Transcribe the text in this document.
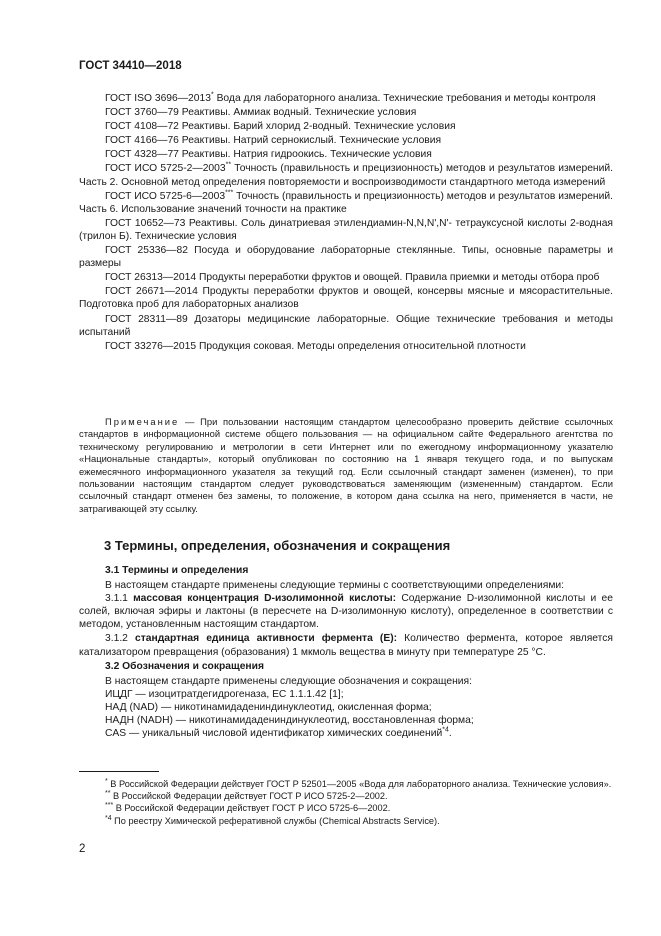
ГОСТ 34410—2018

ГОСТ ISO 3696—2013* Вода для лабораторного анализа. Технические требования и методы контроля

ГОСТ 3760—79 Реактивы. Аммиак водный. Технические условия

ГОСТ 4108—72 Реактивы. Барий хлорид 2-водный. Технические условия

ГОСТ 4166—76 Реактивы. Натрий сернокислый. Технические условия

ГОСТ 4328—77 Реактивы. Натрия гидроокись. Технические условия

ГОСТ ИСО 5725-2—2003** Точность (правильность и прецизионность) методов и результатов измерений. Часть 2. Основной метод определения повторяемости и воспроизводимости стандартного метода измерений

ГОСТ ИСО 5725-6—2003*** Точность (правильность и прецизионность) методов и результатов измерений. Часть 6. Использование значений точности на практике

ГОСТ 10652—73 Реактивы. Соль динатриевая этилендиамин-N,N,N',N'- тетрауксусной кислоты 2-водная (трилон Б). Технические условия

ГОСТ 25336—82 Посуда и оборудование лабораторные стеклянные. Типы, основные параметры и размеры

ГОСТ 26313—2014 Продукты переработки фруктов и овощей. Правила приемки и методы отбора проб

ГОСТ 26671—2014 Продукты переработки фруктов и овощей, консервы мясные и мясорастительные. Подготовка проб для лабораторных анализов

ГОСТ 28311—89 Дозаторы медицинские лабораторные. Общие технические требования и методы испытаний

ГОСТ 33276—2015 Продукция соковая. Методы определения относительной плотности

Примечание — При пользовании настоящим стандартом целесообразно проверить действие ссылочных стандартов в информационной системе общего пользования — на официальном сайте Федерального агентства по техническому регулированию и метрологии в сети Интернет или по ежегодному информационному указателю «Национальные стандарты», который опубликован по состоянию на 1 января текущего года, и по выпускам ежемесячного информационного указателя за текущий год. Если ссылочный стандарт заменен (изменен), то при пользовании настоящим стандартом следует руководствоваться заменяющим (измененным) стандартом. Если ссылочный стандарт отменен без замены, то положение, в котором дана ссылка на него, применяется в части, не затрагивающей эту ссылку.
3 Термины, определения, обозначения и сокращения

3.1 Термины и определения

В настоящем стандарте применены следующие термины с соответствующими определениями:

3.1.1 массовая концентрация D-изолимонной кислоты: Содержание D-изолимонной кислоты и ее солей, включая эфиры и лактоны (в пересчете на D-изолимонную кислоту), определенное в соответствии с методом, установленным настоящим стандартом.

3.1.2 стандартная единица активности фермента (Е): Количество фермента, которое является катализатором превращения (образования) 1 мкмоль вещества в минуту при температуре 25 °С.

3.2 Обозначения и сокращения

В настоящем стандарте применены следующие обозначения и сокращения:

ИЦДГ — изоцитратдегидрогеназа, ЕС 1.1.1.42 [1];

НАД (NAD) — никотинамидадениндинуклеотид, окисленная форма;

НАДН (NADH) — никотинамидадениндинуклеотид, восстановленная форма;

CAS — уникальный числовой идентификатор химических соединений$^{*4}$.

* В Российской Федерации действует ГОСТ Р 52501—2005 «Вода для лабораторного анализа. Технические условия».

** В Российской Федерации действует ГОСТ Р ИСО 5725-2—2002.

*** В Российской Федерации действует ГОСТ Р ИСО 5725-6—2002.

$^{*4}$ По реестру Химической реферативной службы (Chemical Abstracts Service).

2
